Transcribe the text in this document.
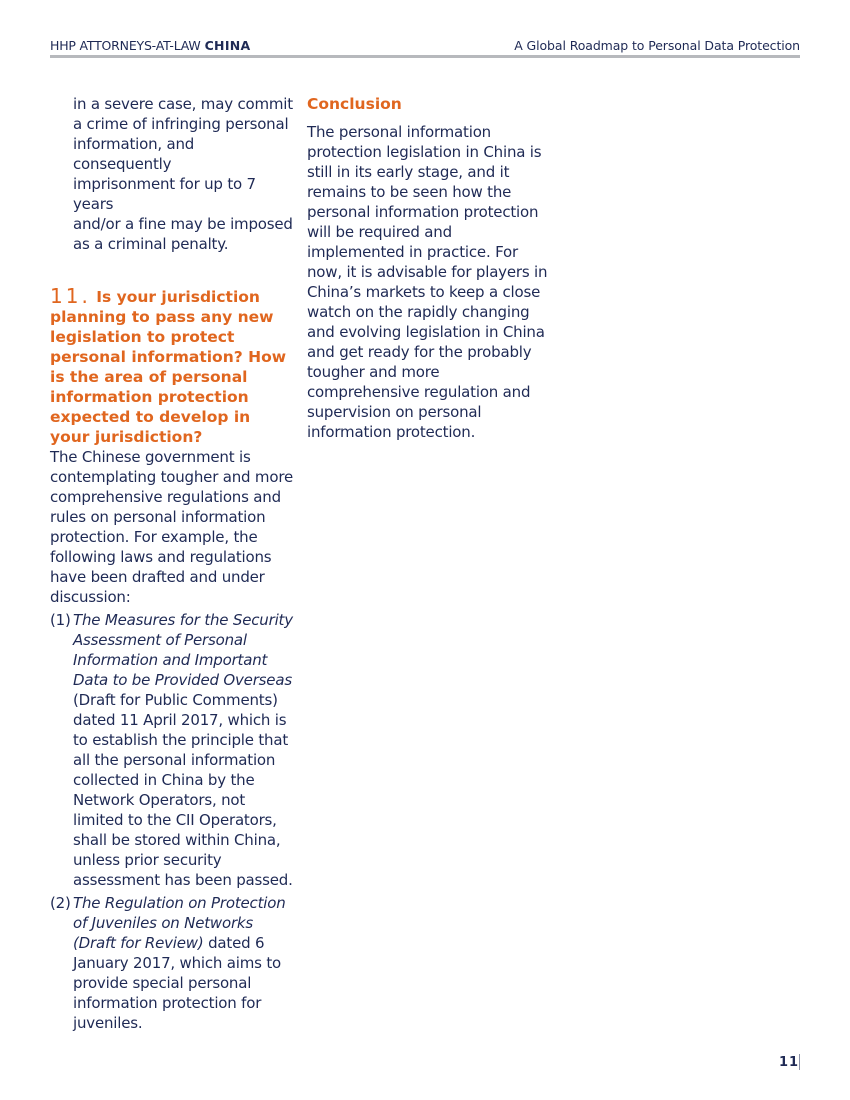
HHP ATTORNEYS-AT-LAW CHINA	A Global Roadmap to Personal Data Protection

in a severe case, may commit

a crime of infringing personal

information, and consequently

imprisonment for up to 7 years

and/or a fine may be imposed

as a criminal penalty.

11. Is your jurisdiction planning to pass any new legislation to protect personal information? How is the area of personal information protection expected to develop in your jurisdiction?

The Chinese government is contemplating tougher and more comprehensive regulations and rules on personal information protection. For example, the following laws and regulations have been drafted and under discussion:

(1) The Measures for the Security Assessment of Personal Information and Important Data to be Provided Overseas (Draft for Public Comments) dated 11 April 2017, which is to establish the principle that all the personal information collected in China by the Network Operators, not limited to the CII Operators, shall be stored within China, unless prior security assessment has been passed.
(2) The Regulation on Protection of Juveniles on Networks (Draft for Review) dated 6 January 2017, which aims to provide special personal information protection for juveniles.
Conclusion

The personal information protection legislation in China is still in its early stage, and it remains to be seen how the personal information protection will be required and implemented in practice. For now, it is advisable for players in China’s markets to keep a close watch on the rapidly changing and evolving legislation in China and get ready for the probably tougher and more comprehensive regulation and supervision on personal information protection.

11
